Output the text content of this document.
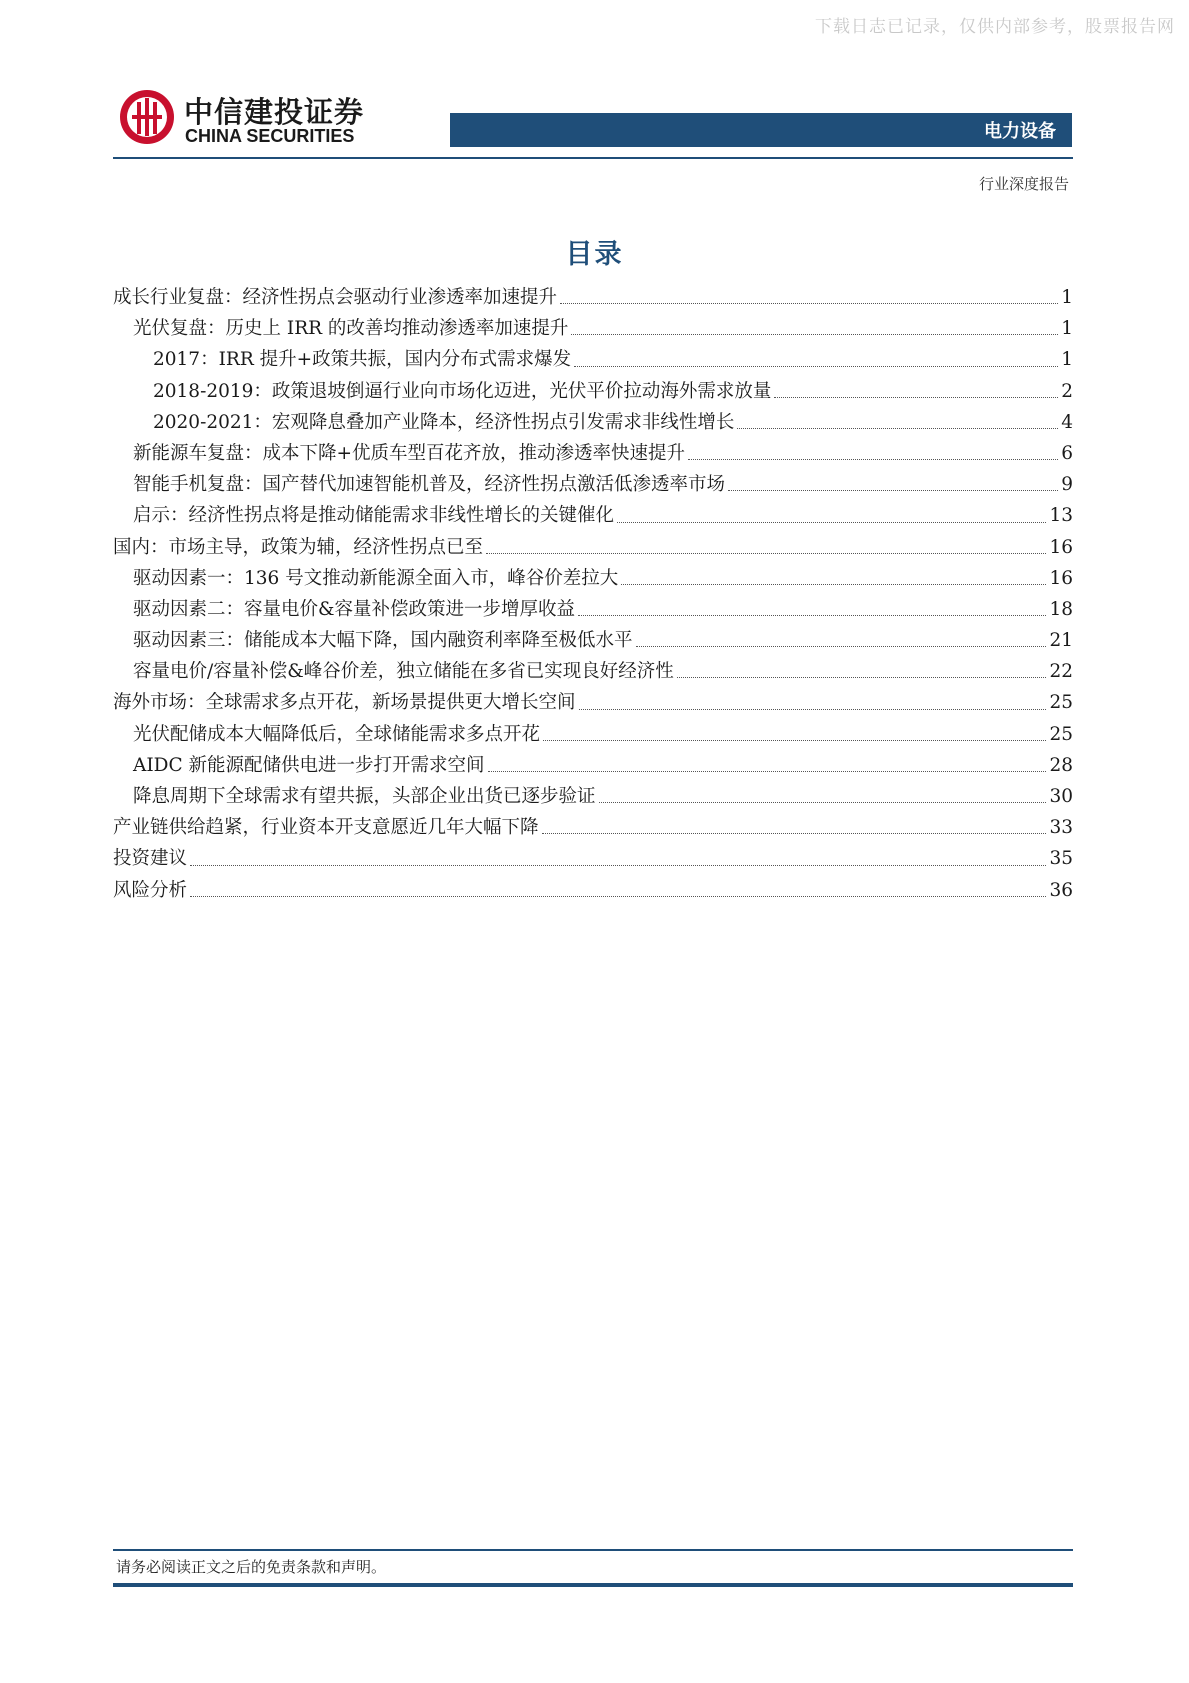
下载日志已记录，仅供内部参考，股票报告网
中信建投证券
CHINA SECURITIES	电力设备
行业深度报告
目录
成长行业复盘：经济性拐点会驱动行业渗透率加速提升	1
光伏复盘：历史上 IRR 的改善均推动渗透率加速提升	1
2017：IRR 提升+政策共振，国内分布式需求爆发	1
2018-2019：政策退坡倒逼行业向市场化迈进，光伏平价拉动海外需求放量	2
2020-2021：宏观降息叠加产业降本，经济性拐点引发需求非线性增长	4
新能源车复盘：成本下降+优质车型百花齐放，推动渗透率快速提升	6
智能手机复盘：国产替代加速智能机普及，经济性拐点激活低渗透率市场	9
启示：经济性拐点将是推动储能需求非线性增长的关键催化	13
国内：市场主导，政策为辅，经济性拐点已至	16
驱动因素一：136 号文推动新能源全面入市，峰谷价差拉大	16
驱动因素二：容量电价&容量补偿政策进一步增厚收益	18
驱动因素三：储能成本大幅下降，国内融资利率降至极低水平	21
容量电价/容量补偿&峰谷价差，独立储能在多省已实现良好经济性	22
海外市场：全球需求多点开花，新场景提供更大增长空间	25
光伏配储成本大幅降低后，全球储能需求多点开花	25
AIDC 新能源配储供电进一步打开需求空间	28
降息周期下全球需求有望共振，头部企业出货已逐步验证	30
产业链供给趋紧，行业资本开支意愿近几年大幅下降	33
投资建议	35
风险分析	36
请务必阅读正文之后的免责条款和声明。
